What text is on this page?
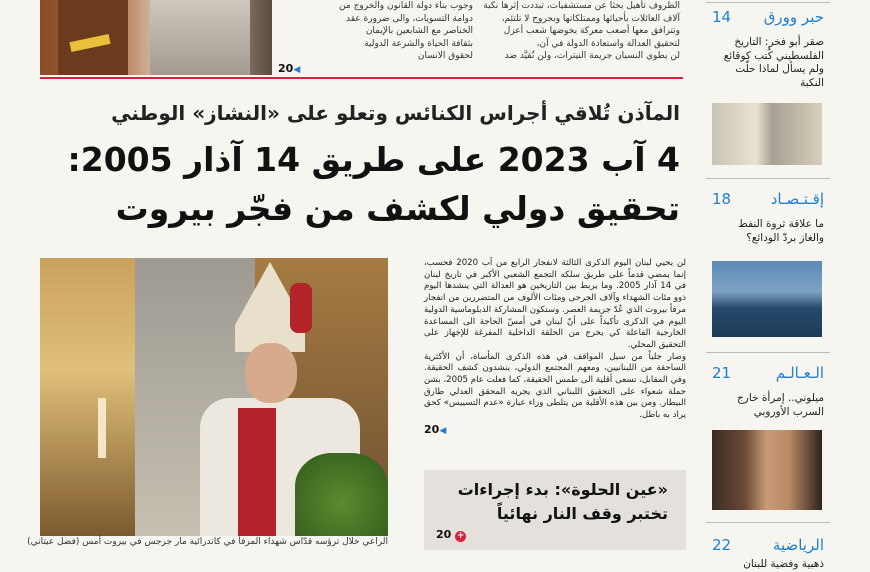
وجوب بناء دولة القانون والخروج من
دوامة التسويات، والى ضرورة عقد
الخناصر مع الشابعين بالإيمان
بثقافة الحياة والشرعة الدولية
لحقوق الانسان
◀20
الظروف تأهيل بحثا عن مستشفيات، تبددت إثرها نكبة
آلاف العائلات بأحيائها وممتلكاتها وبجروح لا تلتئم،
وتترافق معها أصعب معركة يخوضها شعب أعزل
لتحقيق العدالة واستعادة الدولة في آن،
لن يطوي النسيان جريمة النيترات، ولن تُقيَّد ضد
المآذن تُلاقي أجراس الكنائس وتعلو على «النشاز» الوطني
4 آب 2023 على طريق 14 آذار 2005:
تحقيق دولي لكشف من فجّر بيروت
الراعي خلال ترؤسه قدّاس شهداء المرفأ في كاتدرائية مار جرجس في بيروت أمس (فضل عيتاني)

لن يحيي لبنان اليوم الذكرى الثالثة لانفجار الرابع من آب 2020 فحسب، إنما يمضي قدماً على طريق سلكه التجمع الشعبي الأكبر في تاريخ لبنان في 14 آذار 2005. وما يربط بين التاريخين هو العدالة التي ينشدها اليوم ذوو مئات الشهداء وآلاف الجرحى ومئات الألوف من المتضررين من انفجار مرفأ بيروت الذي عُدّ جريمة العصر. وستكون المشاركة الدبلوماسية الدولية اليوم في الذكرى تأكيداً على أنّ لبنان في أمسّ الحاجة الى المساعدة الخارجية الفاعلة كي يخرج من الحلقة الداخلية المفرغة للإجهاز على التحقيق المحلي.

وصار جلياً من سيل المواقف في هذه الذكرى المأساة، أن الأكثرية الساحقة من اللبنانيين، ومعهم المجتمع الدولي، ينشدون كشف الحقيقة. وفي المقابل، تسعى أقلية الى طمس الحقيقة، كما فعلت عام 2005، بشن حملة شعواء على التحقيق اللبناني الذي يجريه المحقق العدلي طارق البيطار. ومن بين هذه الأقلية من يتلطى وراء عبارة «عدم التسييس» كحق يراد به باطل.

◀20
«عين الحلوة»: بدء إجراءات
تختبر وقف النار نهائياً
+ 20
حبر وورق
14
صقر أبو فخر: التاريخ الفلسطيني كُتب كوقائع ولم يسأل لماذا حلّت النكبة
إقـتـصـاد
18
ما علاقة ثروة النفط والغاز بردّ الودائع؟
الـعـالـم
21
ميلوني.. إمرأة خارج السرب الأوروبي
الرياضية
22
ذهبية وفضية للبنان
